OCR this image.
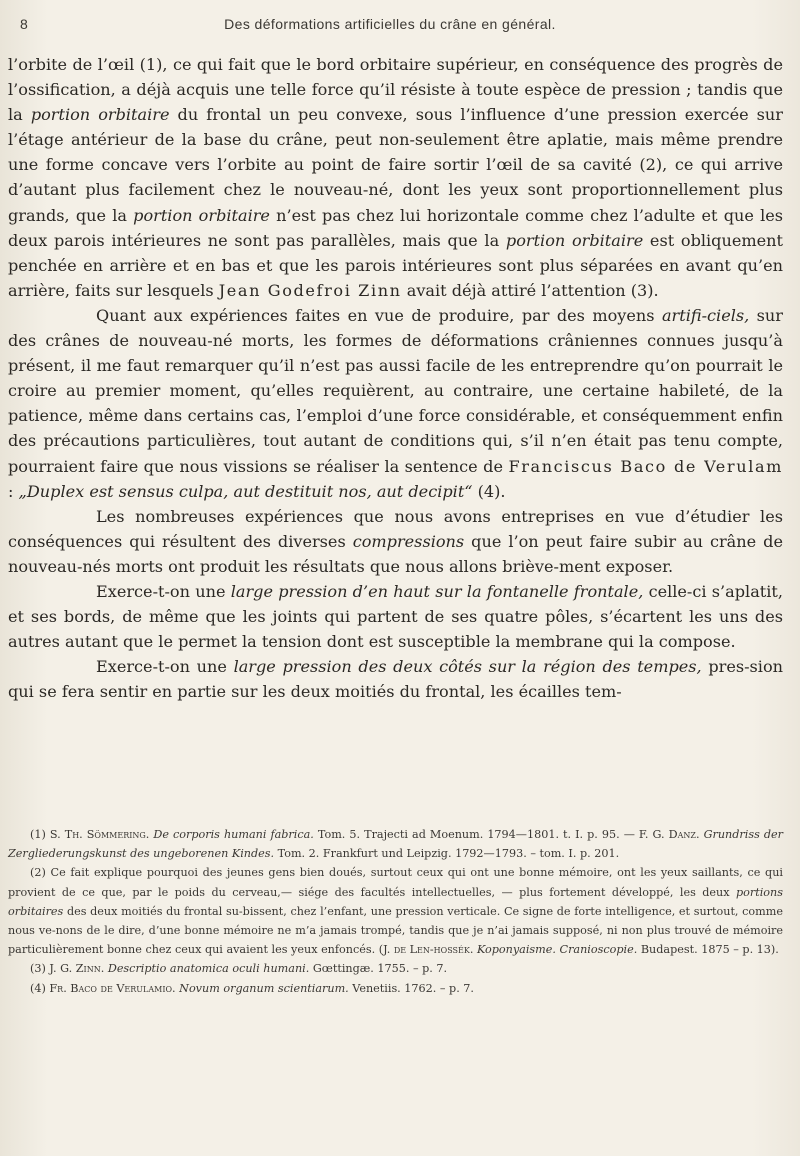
8	Des déformations artificielles du crâne en général.

l’orbite de l’œil (1), ce qui fait que le bord orbitaire supérieur, en conséquence des progrès de l’ossification, a déjà acquis une telle force qu’il résiste à toute espèce de pression ; tandis que la portion orbitaire du frontal un peu convexe, sous l’influence d’une pression exercée sur l’étage antérieur de la base du crâne, peut non-seulement être aplatie, mais même prendre une forme concave vers l’orbite au point de faire sortir l’œil de sa cavité (2), ce qui arrive d’autant plus facilement chez le nouveau-né, dont les yeux sont proportionnellement plus grands, que la portion orbitaire n’est pas chez lui horizontale comme chez l’adulte et que les deux parois intérieures ne sont pas parallèles, mais que la portion orbitaire est obliquement penchée en arrière et en bas et que les parois intérieures sont plus séparées en avant qu’en arrière, faits sur lesquels Jean Godefroi Zinn avait déjà attiré l’attention (3).

Quant aux expériences faites en vue de produire, par des moyens artifi-ciels, sur des crânes de nouveau-né morts, les formes de déformations crâniennes connues jusqu’à présent, il me faut remarquer qu’il n’est pas aussi facile de les entreprendre qu’on pourrait le croire au premier moment, qu’elles requièrent, au contraire, une certaine habileté, de la patience, même dans certains cas, l’emploi d’une force considérable, et conséquemment enfin des précautions particulières, tout autant de conditions qui, s’il n’en était pas tenu compte, pourraient faire que nous vissions se réaliser la sentence de Franciscus Baco de Verulam : „Duplex est sensus culpa, aut destituit nos, aut decipit“ (4).

Les nombreuses expériences que nous avons entreprises en vue d’étudier les conséquences qui résultent des diverses compressions que l’on peut faire subir au crâne de nouveau-nés morts ont produit les résultats que nous allons briève-ment exposer.

Exerce-t-on une large pression d’en haut sur la fontanelle frontale, celle-ci s’aplatit, et ses bords, de même que les joints qui partent de ses quatre pôles, s’écartent les uns des autres autant que le permet la tension dont est susceptible la membrane qui la compose.

Exerce-t-on une large pression des deux côtés sur la région des tempes, pres-sion qui se fera sentir en partie sur les deux moitiés du frontal, les écailles tem-

(1) S. Th. Sömmering. De corporis humani fabrica. Tom. 5. Trajecti ad Moenum. 1794—1801. t. I. p. 95. — F. G. Danz. Grundriss der Zergliederungskunst des ungeborenen Kindes. Tom. 2. Frankfurt und Leipzig. 1792—1793. – tom. I. p. 201.

(2) Ce fait explique pourquoi des jeunes gens bien doués, surtout ceux qui ont une bonne mémoire, ont les yeux saillants, ce qui provient de ce que, par le poids du cerveau,— siége des facultés intellectuelles, — plus fortement développé, les deux portions orbitaires des deux moitiés du frontal su-bissent, chez l’enfant, une pression verticale. Ce signe de forte intelligence, et surtout, comme nous ve-nons de le dire, d’une bonne mémoire ne m’a jamais trompé, tandis que je n’ai jamais supposé, ni non plus trouvé de mémoire particulièrement bonne chez ceux qui avaient les yeux enfoncés. (J. de Len-hossék. Koponyaisme. Cranioscopie. Budapest. 1875 – p. 13).

(3) J. G. Zinn. Descriptio anatomica oculi humani. Gœttingæ. 1755. – p. 7.

(4) Fr. Baco de Verulamio. Novum organum scientiarum. Venetiis. 1762. – p. 7.
